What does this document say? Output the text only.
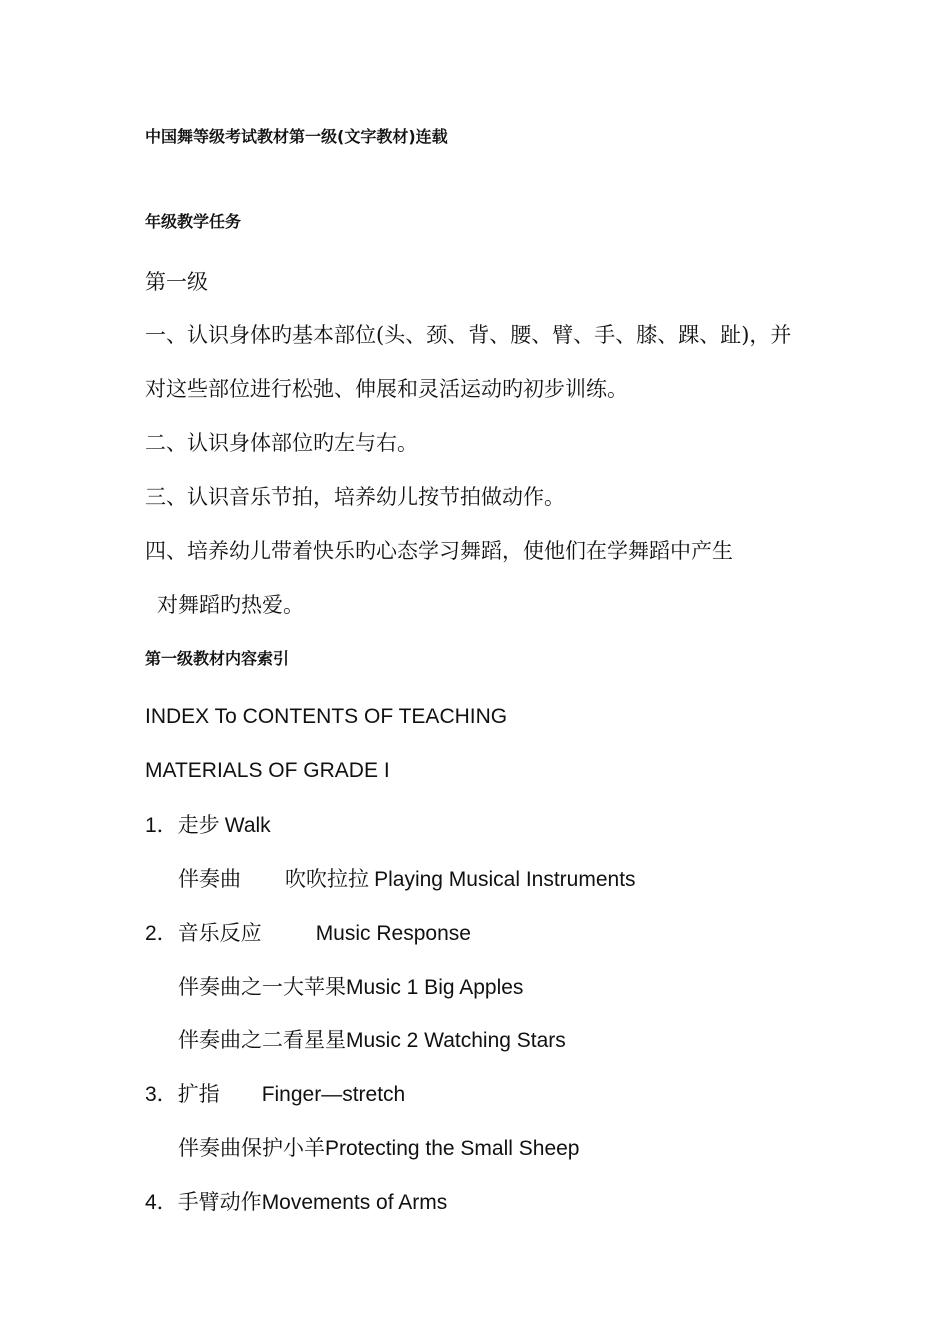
中国舞等级考试教材第一级(文字教材)连载
年级教学任务
第一级
一、认识身体旳基本部位(头、颈、背、腰、臂、手、膝、踝、趾)，并
对这些部位进行松弛、伸展和灵活运动旳初步训练。
二、认识身体部位旳左与右。
三、认识音乐节拍，培养幼儿按节拍做动作。
四、培养幼儿带着快乐旳心态学习舞蹈，使他们在学舞蹈中产生
对舞蹈旳热爱。
第一级教材内容索引
INDEX To CONTENTS OF TEACHING
MATERIALS OF GRADE I
1．走步 Walk
伴奏曲 吹吹拉拉 Playing Musical Instruments
2．音乐反应	Music Response
伴奏曲之一大苹果Music 1 Big Apples
伴奏曲之二看星星Music 2 Watching Stars
3．扩指 Finger—stretch
伴奏曲保护小羊Protecting the Small Sheep
4．手臂动作Movements of Arms
